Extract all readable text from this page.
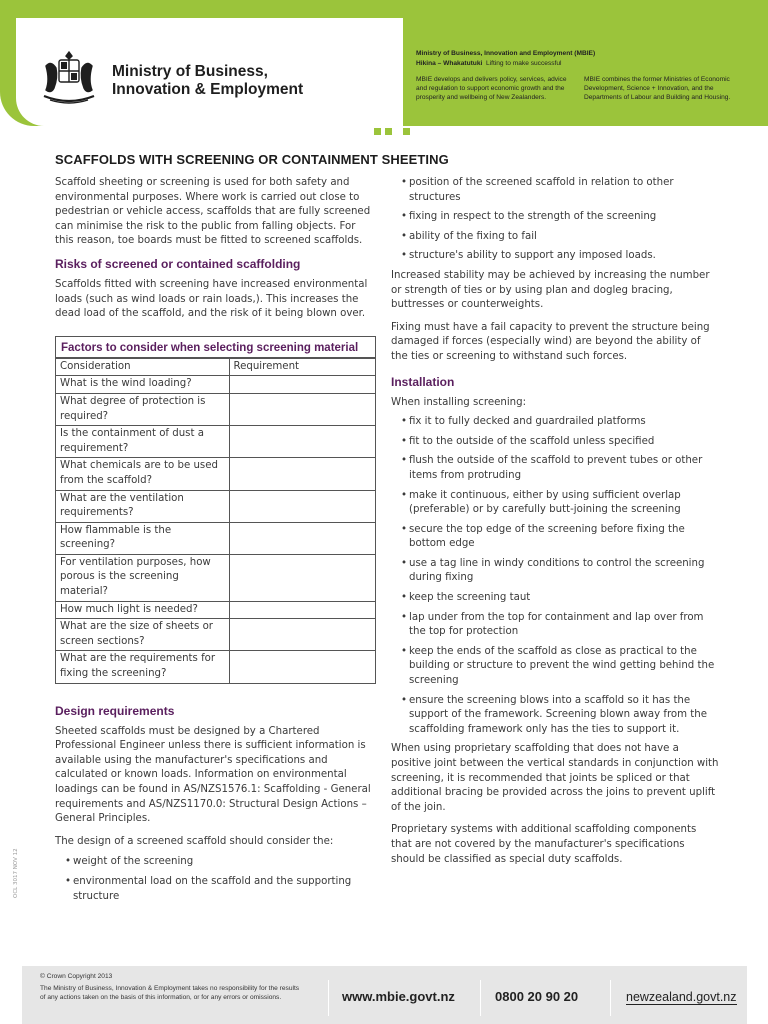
Ministry of Business,
Innovation & Employment
Ministry of Business, Innovation and Employment (MBIE)
Hikina – Whakatutuki Lifting to make successful
MBIE develops and delivers policy, services, advice and regulation to support economic growth and the prosperity and wellbeing of New Zealanders.
MBIE combines the former Ministries of Economic Development, Science + Innovation, and the Departments of Labour and Building and Housing.
SCAFFOLDS WITH SCREENING OR CONTAINMENT SHEETING

Scaffold sheeting or screening is used for both safety and environmental purposes. Where work is carried out close to pedestrian or vehicle access, scaffolds that are fully screened can minimise the risk to the public from falling objects. For this reason, toe boards must be fitted to screened scaffolds.

Risks of screened or contained scaffolding

Scaffolds fitted with screening have increased environmental loads (such as wind loads or rain loads,). This increases the dead load of the scaffold, and the risk of it being blown over.

Factors to consider when selecting screening material
Consideration	Requirement
What is the wind loading?	
What degree of protection is required?	
Is the containment of dust a requirement?	
What chemicals are to be used from the scaffold?	
What are the ventilation requirements?	
How flammable is the screening?	
For ventilation purposes, how porous is the screening material?	
How much light is needed?	
What are the size of sheets or screen sections?	
What are the requirements for fixing the screening?	
Design requirements

Sheeted scaffolds must be designed by a Chartered Professional Engineer unless there is sufficient information is available using the manufacturer's specifications and calculated or known loads. Information on environmental loadings can be found in AS/NZS1576.1: Scaffolding - General requirements and AS/NZS1170.0: Structural Design Actions – General Principles.

The design of a screened scaffold should consider the:

• weight of the screening
• environmental load on the scaffold and the supporting structure
• position of the screened scaffold in relation to other structures
• fixing in respect to the strength of the screening
• ability of the fixing to fail
• structure's ability to support any imposed loads.

Increased stability may be achieved by increasing the number or strength of ties or by using plan and dogleg bracing, buttresses or counterweights.

Fixing must have a fail capacity to prevent the structure being damaged if forces (especially wind) are beyond the ability of the ties or screening to withstand such forces.

Installation

When installing screening:

• fix it to fully decked and guardrailed platforms
• fit to the outside of the scaffold unless specified
• flush the outside of the scaffold to prevent tubes or other items from protruding
• make it continuous, either by using sufficient overlap (preferable) or by carefully butt-joining the screening
• secure the top edge of the screening before fixing the bottom edge
• use a tag line in windy conditions to control the screening during fixing
• keep the screening taut
• lap under from the top for containment and lap over from the top for protection
• keep the ends of the scaffold as close as practical to the building or structure to prevent the wind getting behind the screening
• ensure the screening blows into a scaffold so it has the support of the framework. Screening blown away from the scaffolding framework only has the ties to support it.

When using proprietary scaffolding that does not have a positive joint between the vertical standards in conjunction with screening, it is recommended that joints be spliced or that additional bracing be provided across the joins to prevent uplift of the join.

Proprietary systems with additional scaffolding components that are not covered by the manufacturer's specifications should be classified as special duty scaffolds.

OCL 3017 NOV 12
© Crown Copyright 2013
The Ministry of Business, Innovation & Employment takes no responsibility for the results of any actions taken on the basis of this information, or for any errors or omissions.	www.mbie.govt.nz	0800 20 90 20	newzealand.govt.nz
